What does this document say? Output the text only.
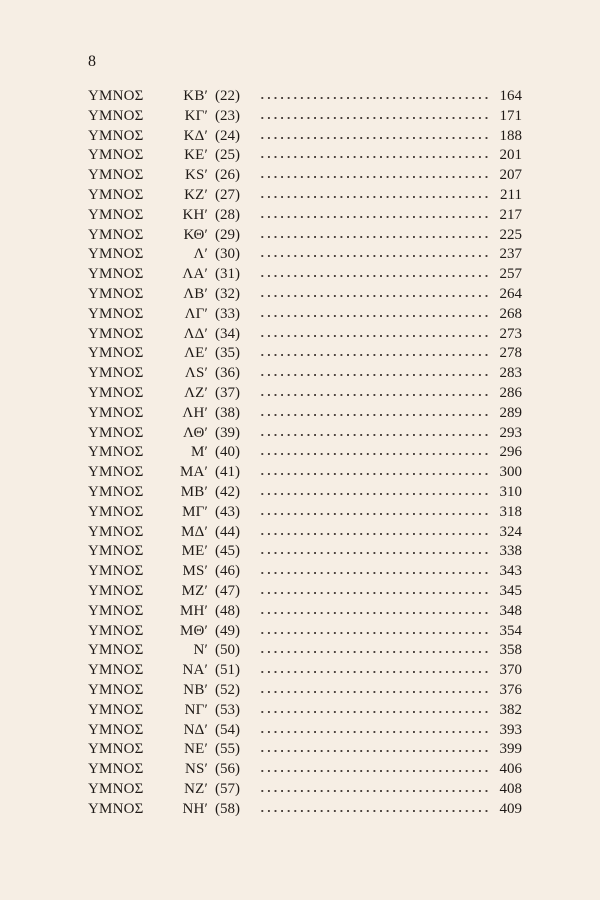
8
ΥΜΝΟΣ	ΚΒ′ (22)	164
ΥΜΝΟΣ	ΚΓ′ (23)	171
ΥΜΝΟΣ	ΚΔ′ (24)	188
ΥΜΝΟΣ	ΚΕ′ (25)	201
ΥΜΝΟΣ	ΚS′ (26)	207
ΥΜΝΟΣ	ΚΖ′ (27)	211
ΥΜΝΟΣ	ΚΗ′ (28)	217
ΥΜΝΟΣ	ΚΘ′ (29)	225
ΥΜΝΟΣ	Λ′ (30)	237
ΥΜΝΟΣ	ΛΑ′ (31)	257
ΥΜΝΟΣ	ΛΒ′ (32)	264
ΥΜΝΟΣ	ΛΓ′ (33)	268
ΥΜΝΟΣ	ΛΔ′ (34)	273
ΥΜΝΟΣ	ΛΕ′ (35)	278
ΥΜΝΟΣ	ΛS′ (36)	283
ΥΜΝΟΣ	ΛΖ′ (37)	286
ΥΜΝΟΣ	ΛΗ′ (38)	289
ΥΜΝΟΣ	ΛΘ′ (39)	293
ΥΜΝΟΣ	Μ′ (40)	296
ΥΜΝΟΣ	ΜΑ′ (41)	300
ΥΜΝΟΣ	ΜΒ′ (42)	310
ΥΜΝΟΣ	ΜΓ′ (43)	318
ΥΜΝΟΣ	ΜΔ′ (44)	324
ΥΜΝΟΣ	ΜΕ′ (45)	338
ΥΜΝΟΣ	ΜS′ (46)	343
ΥΜΝΟΣ	ΜΖ′ (47)	345
ΥΜΝΟΣ	ΜΗ′ (48)	348
ΥΜΝΟΣ	ΜΘ′ (49)	354
ΥΜΝΟΣ	Ν′ (50)	358
ΥΜΝΟΣ	ΝΑ′ (51)	370
ΥΜΝΟΣ	ΝΒ′ (52)	376
ΥΜΝΟΣ	ΝΓ′ (53)	382
ΥΜΝΟΣ	ΝΔ′ (54)	393
ΥΜΝΟΣ	ΝΕ′ (55)	399
ΥΜΝΟΣ	ΝS′ (56)	406
ΥΜΝΟΣ	ΝΖ′ (57)	408
ΥΜΝΟΣ	ΝΗ′ (58)	409
